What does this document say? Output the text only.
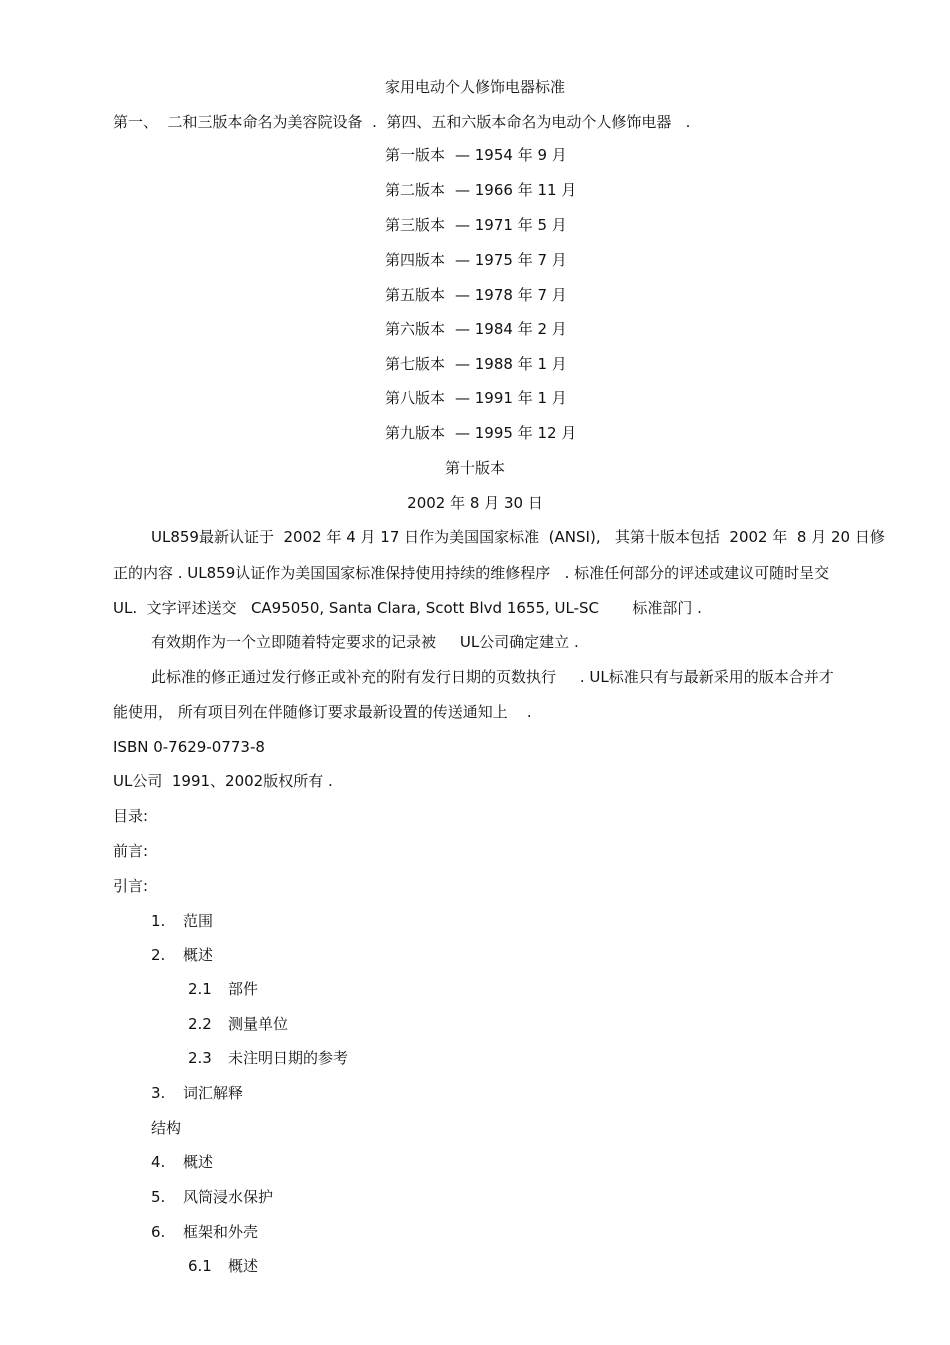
家用电动个人修饰电器标准
第一、  二和三版本命名为美容院设备  .  第四、五和六版本命名为电动个人修饰电器   .
第一版本 — 1954 年 9 月
第二版本 — 1966 年 11 月
第三版本 — 1971 年 5 月
第四版本 — 1975 年 7 月
第五版本 — 1978 年 7 月
第六版本 — 1984 年 2 月
第七版本 — 1988 年 1 月
第八版本 — 1991 年 1 月
第九版本 — 1995 年 12 月
第十版本
2002 年 8 月 30 日
UL859最新认证于  2002 年 4 月 17 日作为美国国家标准  (ANSI),   其第十版本包括  2002 年  8 月 20 日修
正的内容 . UL859认证作为美国国家标准保持使用持续的维修程序   . 标准任何部分的评述或建议可随时呈交
UL.  文字评述送交   CA95050, Santa Clara, Scott Blvd 1655, UL-SC       标准部门 .
有效期作为一个立即随着特定要求的记录被     UL公司确定建立 .
此标准的修正通过发行修正或补充的附有发行日期的页数执行     . UL标准只有与最新采用的版本合并才
能使用， 所有项目列在伴随修订要求最新设置的传送通知上    .
ISBN 0-7629-0773-8
UL公司  1991、2002版权所有 .
目录:
前言:
引言:
1. 范围
2. 概述
2.1 部件
2.2 测量单位
2.3 未注明日期的参考
3. 词汇解释
结构
4. 概述
5. 风筒浸水保护
6. 框架和外壳
6.1 概述
